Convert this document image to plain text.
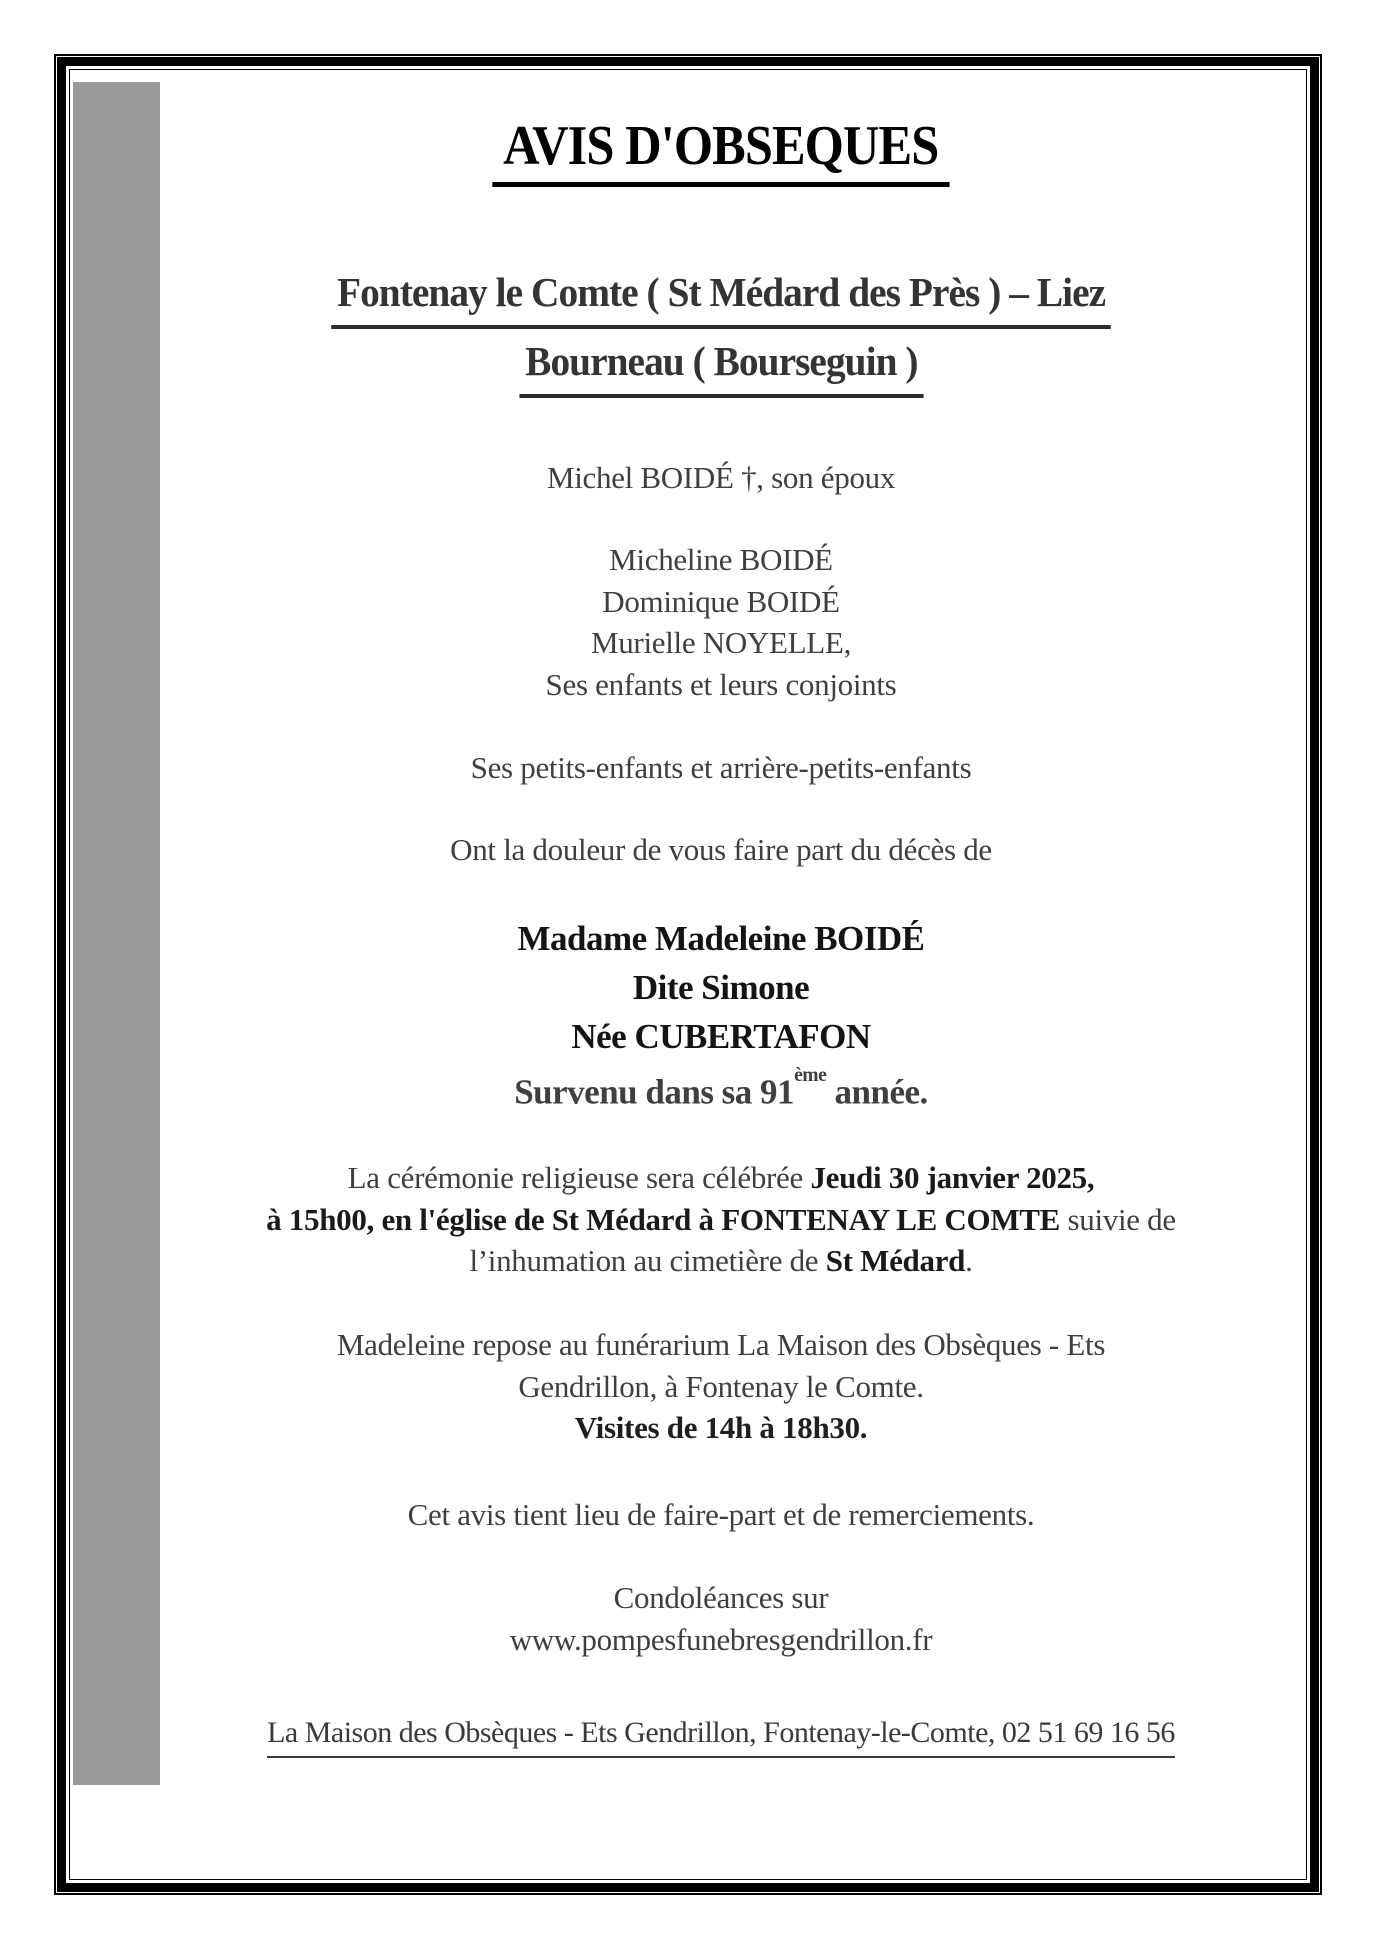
AVIS D'OBSEQUES
Fontenay le Comte ( St Médard des Près ) – Liez
Bourneau ( Bourseguin )
Michel BOIDÉ †, son époux
Micheline BOIDÉ
Dominique BOIDÉ
Murielle NOYELLE,
Ses enfants et leurs conjoints
Ses petits-enfants et arrière-petits-enfants
Ont la douleur de vous faire part du décès de
Madame Madeleine BOIDÉ
Dite Simone
Née CUBERTAFON
Survenu dans sa 91ème année.
La cérémonie religieuse sera célébrée Jeudi 30 janvier 2025,
à 15h00, en l'église de St Médard à FONTENAY LE COMTE suivie de
l’inhumation au cimetière de St Médard.
Madeleine repose au funérarium La Maison des Obsèques - Ets
Gendrillon, à Fontenay le Comte.
Visites de 14h à 18h30.
Cet avis tient lieu de faire-part et de remerciements.
Condoléances sur
www.pompesfunebresgendrillon.fr
La Maison des Obsèques - Ets Gendrillon, Fontenay-le-Comte, 02 51 69 16 56
